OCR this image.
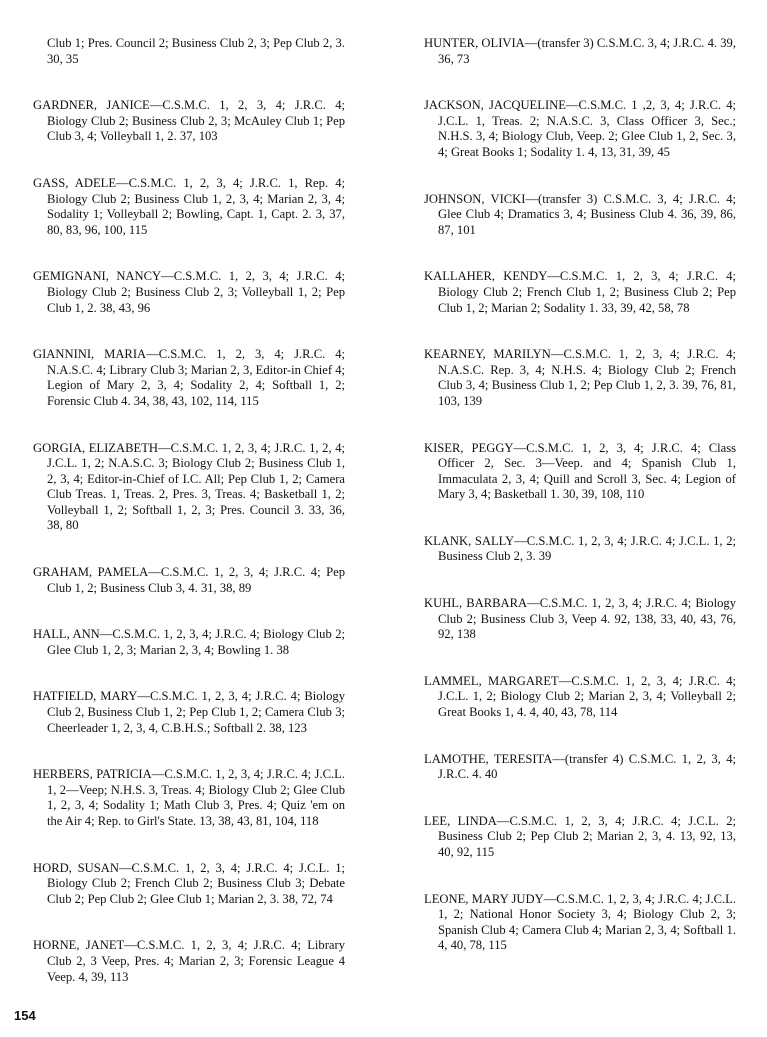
Club 1; Pres. Council 2; Business Club 2, 3; Pep Club 2, 3. 30, 35

GARDNER, JANICE—C.S.M.C. 1, 2, 3, 4; J.R.C. 4; Biology Club 2; Business Club 2, 3; McAuley Club 1; Pep Club 3, 4; Volleyball 1, 2. 37, 103

GASS, ADELE—C.S.M.C. 1, 2, 3, 4; J.R.C. 1, Rep. 4; Biology Club 2; Business Club 1, 2, 3, 4; Marian 2, 3, 4; Sodality 1; Volleyball 2; Bowling, Capt. 1, Capt. 2. 3, 37, 80, 83, 96, 100, 115

GEMIGNANI, NANCY—C.S.M.C. 1, 2, 3, 4; J.R.C. 4; Biology Club 2; Business Club 2, 3; Volleyball 1, 2; Pep Club 1, 2. 38, 43, 96

GIANNINI, MARIA—C.S.M.C. 1, 2, 3, 4; J.R.C. 4; N.A.S.C. 4; Library Club 3; Marian 2, 3, Editor-in Chief 4; Legion of Mary 2, 3, 4; Sodality 2, 4; Softball 1, 2; Forensic Club 4. 34, 38, 43, 102, 114, 115

GORGIA, ELIZABETH—C.S.M.C. 1, 2, 3, 4; J.R.C. 1, 2, 4; J.C.L. 1, 2; N.A.S.C. 3; Biology Club 2; Business Club 1, 2, 3, 4; Editor-in-Chief of I.C. All; Pep Club 1, 2; Camera Club Treas. 1, Treas. 2, Pres. 3, Treas. 4; Basketball 1, 2; Volleyball 1, 2; Softball 1, 2, 3; Pres. Council 3. 33, 36, 38, 80

GRAHAM, PAMELA—C.S.M.C. 1, 2, 3, 4; J.R.C. 4; Pep Club 1, 2; Business Club 3, 4. 31, 38, 89

HALL, ANN—C.S.M.C. 1, 2, 3, 4; J.R.C. 4; Biology Club 2; Glee Club 1, 2, 3; Marian 2, 3, 4; Bowling 1. 38

HATFIELD, MARY—C.S.M.C. 1, 2, 3, 4; J.R.C. 4; Biology Club 2, Business Club 1, 2; Pep Club 1, 2; Camera Club 3; Cheerleader 1, 2, 3, 4, C.B.H.S.; Softball 2. 38, 123

HERBERS, PATRICIA—C.S.M.C. 1, 2, 3, 4; J.R.C. 4; J.C.L. 1, 2—Veep; N.H.S. 3, Treas. 4; Biology Club 2; Glee Club 1, 2, 3, 4; Sodality 1; Math Club 3, Pres. 4; Quiz 'em on the Air 4; Rep. to Girl's State. 13, 38, 43, 81, 104, 118

HORD, SUSAN—C.S.M.C. 1, 2, 3, 4; J.R.C. 4; J.C.L. 1; Biology Club 2; French Club 2; Business Club 3; Debate Club 2; Pep Club 2; Glee Club 1; Marian 2, 3. 38, 72, 74

HORNE, JANET—C.S.M.C. 1, 2, 3, 4; J.R.C. 4; Library Club 2, 3 Veep, Pres. 4; Marian 2, 3; Forensic League 4 Veep. 4, 39, 113

HUNTER, OLIVIA—(transfer 3) C.S.M.C. 3, 4; J.R.C. 4. 39, 36, 73

JACKSON, JACQUELINE—C.S.M.C. 1 ,2, 3, 4; J.R.C. 4; J.C.L. 1, Treas. 2; N.A.S.C. 3, Class Officer 3, Sec.; N.H.S. 3, 4; Biology Club, Veep. 2; Glee Club 1, 2, Sec. 3, 4; Great Books 1; Sodality 1. 4, 13, 31, 39, 45

JOHNSON, VICKI—(transfer 3) C.S.M.C. 3, 4; J.R.C. 4; Glee Club 4; Dramatics 3, 4; Business Club 4. 36, 39, 86, 87, 101

KALLAHER, KENDY—C.S.M.C. 1, 2, 3, 4; J.R.C. 4; Biology Club 2; French Club 1, 2; Business Club 2; Pep Club 1, 2; Marian 2; Sodality 1. 33, 39, 42, 58, 78

KEARNEY, MARILYN—C.S.M.C. 1, 2, 3, 4; J.R.C. 4; N.A.S.C. Rep. 3, 4; N.H.S. 4; Biology Club 2; French Club 3, 4; Business Club 1, 2; Pep Club 1, 2, 3. 39, 76, 81, 103, 139

KISER, PEGGY—C.S.M.C. 1, 2, 3, 4; J.R.C. 4; Class Officer 2, Sec. 3—Veep. and 4; Spanish Club 1, Immaculata 2, 3, 4; Quill and Scroll 3, Sec. 4; Legion of Mary 3, 4; Basketball 1. 30, 39, 108, 110

KLANK, SALLY—C.S.M.C. 1, 2, 3, 4; J.R.C. 4; J.C.L. 1, 2; Business Club 2, 3. 39

KUHL, BARBARA—C.S.M.C. 1, 2, 3, 4; J.R.C. 4; Biology Club 2; Business Club 3, Veep 4. 92, 138, 33, 40, 43, 76, 92, 138

LAMMEL, MARGARET—C.S.M.C. 1, 2, 3, 4; J.R.C. 4; J.C.L. 1, 2; Biology Club 2; Marian 2, 3, 4; Volleyball 2; Great Books 1, 4. 4, 40, 43, 78, 114

LAMOTHE, TERESITA—(transfer 4) C.S.M.C. 1, 2, 3, 4; J.R.C. 4. 40

LEE, LINDA—C.S.M.C. 1, 2, 3, 4; J.R.C. 4; J.C.L. 2; Business Club 2; Pep Club 2; Marian 2, 3, 4. 13, 92, 13, 40, 92, 115

LEONE, MARY JUDY—C.S.M.C. 1, 2, 3, 4; J.R.C. 4; J.C.L. 1, 2; National Honor Society 3, 4; Biology Club 2, 3; Spanish Club 4; Camera Club 4; Marian 2, 3, 4; Softball 1. 4, 40, 78, 115

154
